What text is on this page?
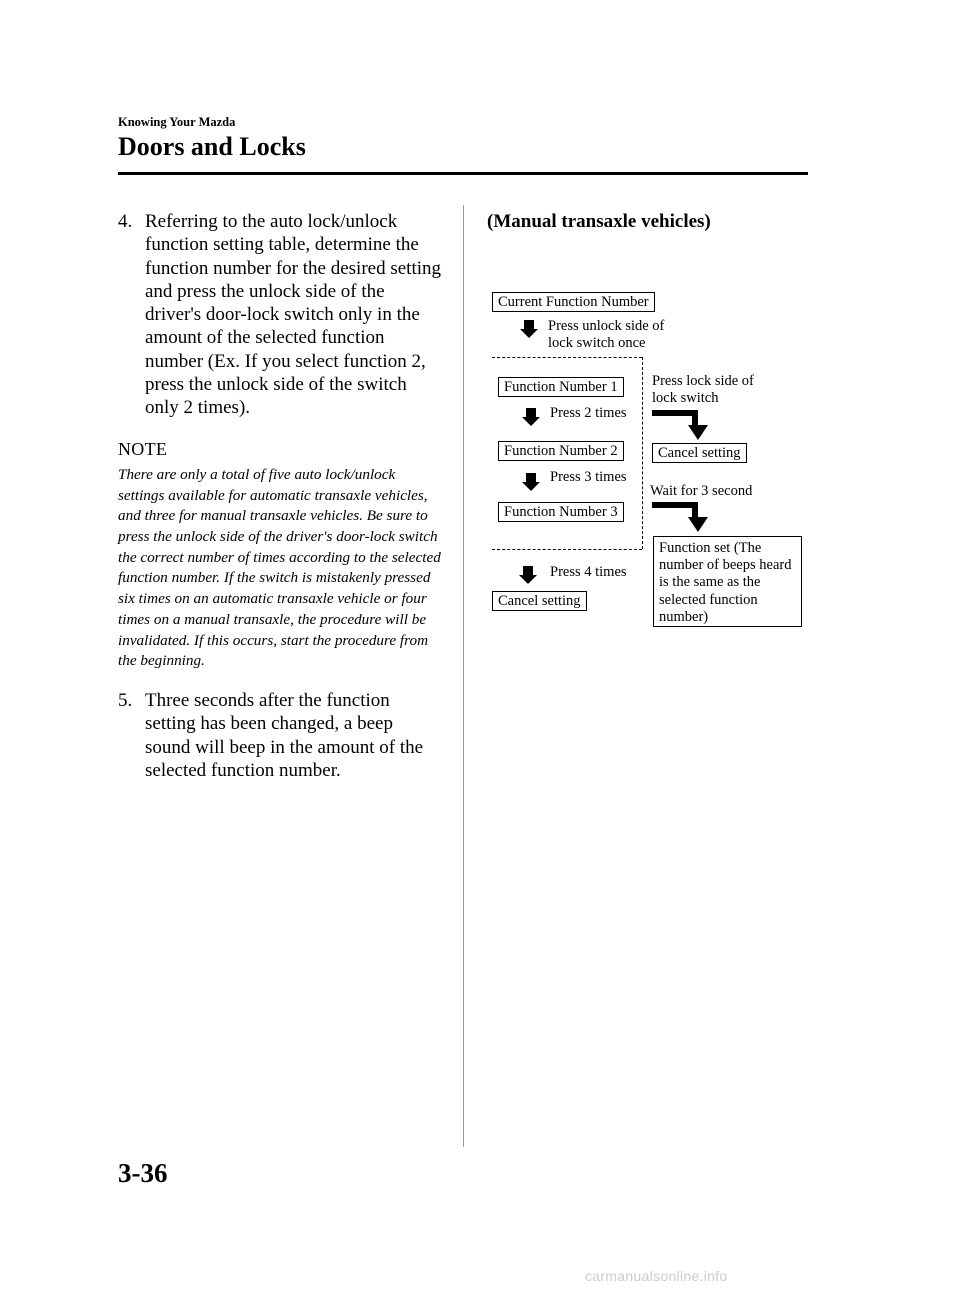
Knowing Your Mazda
Doors and Locks
4. Referring to the auto lock/unlock function setting table, determine the function number for the desired setting and press the unlock side of the driver's door-lock switch only in the amount of the selected function number (Ex. If you select function 2, press the unlock side of the switch only 2 times).
NOTE
There are only a total of five auto lock/unlock settings available for automatic transaxle vehicles, and three for manual transaxle vehicles. Be sure to press the unlock side of the driver's door-lock switch the correct number of times according to the selected function number. If the switch is mistakenly pressed six times on an automatic transaxle vehicle or four times on a manual transaxle, the procedure will be invalidated. If this occurs, start the procedure from the beginning.
5. Three seconds after the function setting has been changed, a beep sound will beep in the amount of the selected function number.
(Manual transaxle vehicles)
Current Function Number
Press unlock side of
lock switch once
Function Number 1
Press 2 times
Function Number 2
Press 3 times
Function Number 3
Press 4 times
Cancel setting
Press lock side of
lock switch
Cancel setting
Wait for 3 second
Function set (The number of beeps heard is the same as the selected function number)
3-36
carmanualsonline.info
